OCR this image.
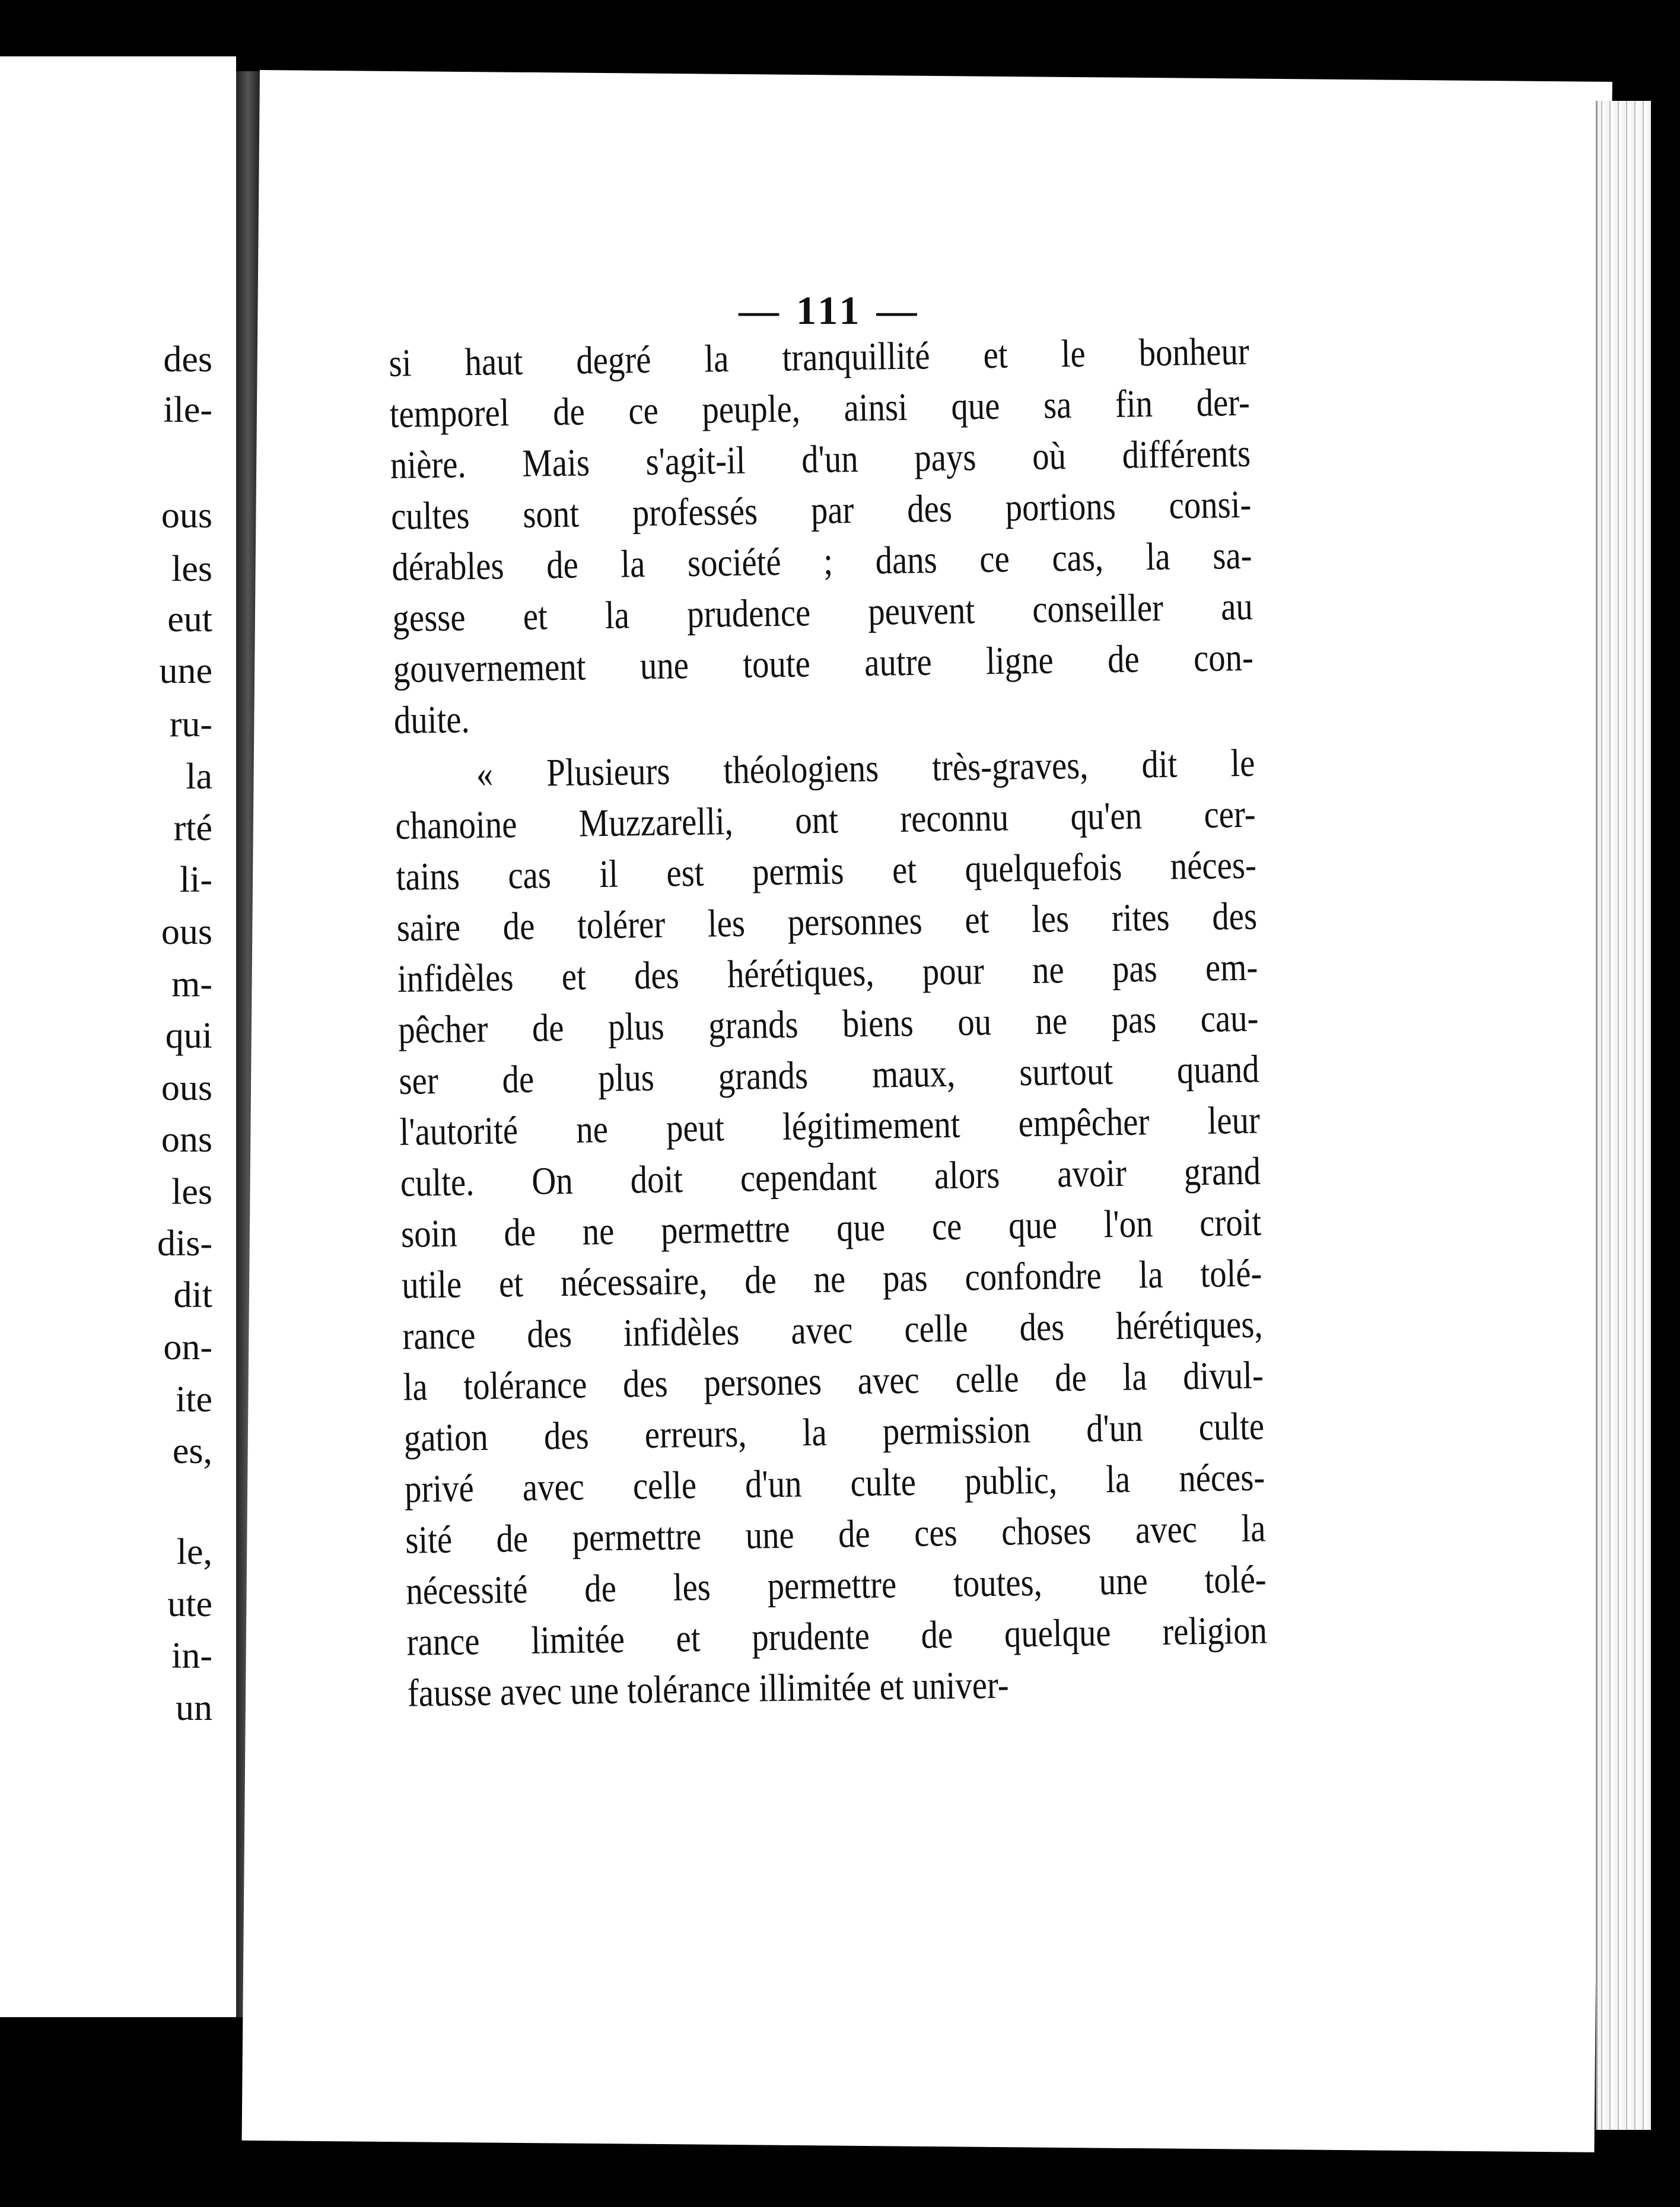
des
ile-
ous
les
eut
une
ru-
la
rté
li-
ous
m-
qui
ous
ons
les
dis-
dit
on-
ite
es,
le,
ute
in-
un
— 111 —
si haut degré la tranquillité et le bonheur
temporel de ce peuple, ainsi que sa fin der-
nière. Mais s'agit-il d'un pays où différents
cultes sont professés par des portions consi-
dérables de la société ; dans ce cas, la sa-
gesse et la prudence peuvent conseiller au
gouvernement une toute autre ligne de con-
duite.
« Plusieurs théologiens très-graves, dit le
chanoine Muzzarelli, ont reconnu qu'en cer-
tains cas il est permis et quelquefois néces-
saire de tolérer les personnes et les rites des
infidèles et des hérétiques, pour ne pas em-
pêcher de plus grands biens ou ne pas cau-
ser de plus grands maux, surtout quand
l'autorité ne peut légitimement empêcher leur
culte. On doit cependant alors avoir grand
soin de ne permettre que ce que l'on croit
utile et nécessaire, de ne pas confondre la tolé-
rance des infidèles avec celle des hérétiques,
la tolérance des persones avec celle de la divul-
gation des erreurs, la permission d'un culte
privé avec celle d'un culte public, la néces-
sité de permettre une de ces choses avec la
nécessité de les permettre toutes, une tolé-
rance limitée et prudente de quelque religion
fausse avec une tolérance illimitée et univer-
